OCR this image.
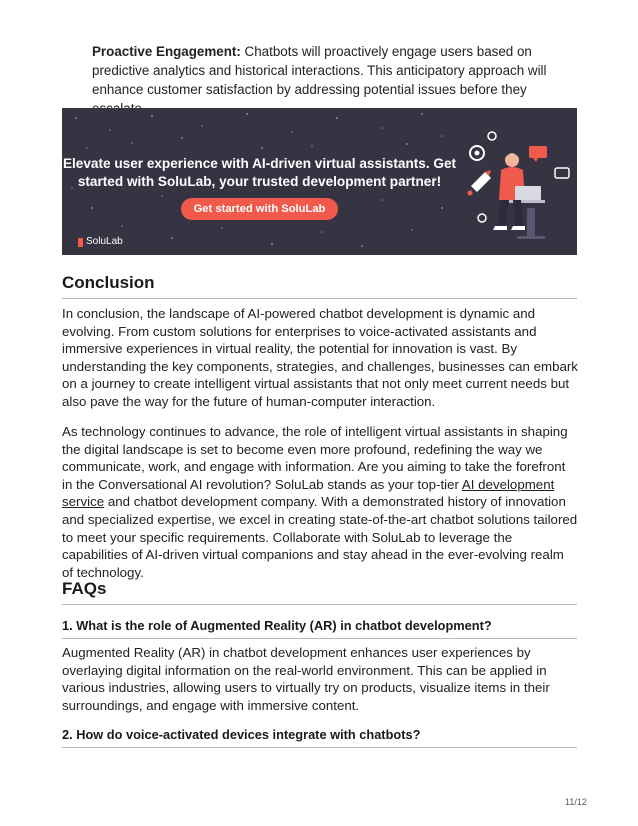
Proactive Engagement: Chatbots will proactively engage users based on predictive analytics and historical interactions. This anticipatory approach will enhance customer satisfaction by addressing potential issues before they

Elevate user experience with AI-driven virtual assistants. Get
started with SoluLab, your trusted development partner!
Get started with SoluLab
SoluLab
Conclusion

In conclusion, the landscape of AI-powered chatbot development is dynamic and evolving. From custom solutions for enterprises to voice-activated assistants and immersive experiences in virtual reality, the potential for innovation is vast. By understanding the key components, strategies, and challenges, businesses can embark on a journey to create intelligent virtual assistants that not only meet current needs but also pave the way for the future of human-computer interaction.

As technology continues to advance, the role of intelligent virtual assistants in shaping the digital landscape is set to become even more profound, redefining the way we communicate, work, and engage with information. Are you aiming to take the forefront in the Conversational AI revolution? SoluLab stands as your top-tier AI development service and chatbot development company. With a demonstrated history of innovation and specialized expertise, we excel in creating state-of-the-art chatbot solutions tailored to meet your specific requirements. Collaborate with SoluLab to leverage the capabilities of AI-driven virtual companions and stay ahead in the ever-evolving realm of technology.

FAQs
1. What is the role of Augmented Reality (AR) in chatbot development?

Augmented Reality (AR) in chatbot development enhances user experiences by overlaying digital information on the real-world environment. This can be applied in various industries, allowing users to virtually try on products, visualize items in their surroundings, and engage with immersive content.

2. How do voice-activated devices integrate with chatbots?
11/12
